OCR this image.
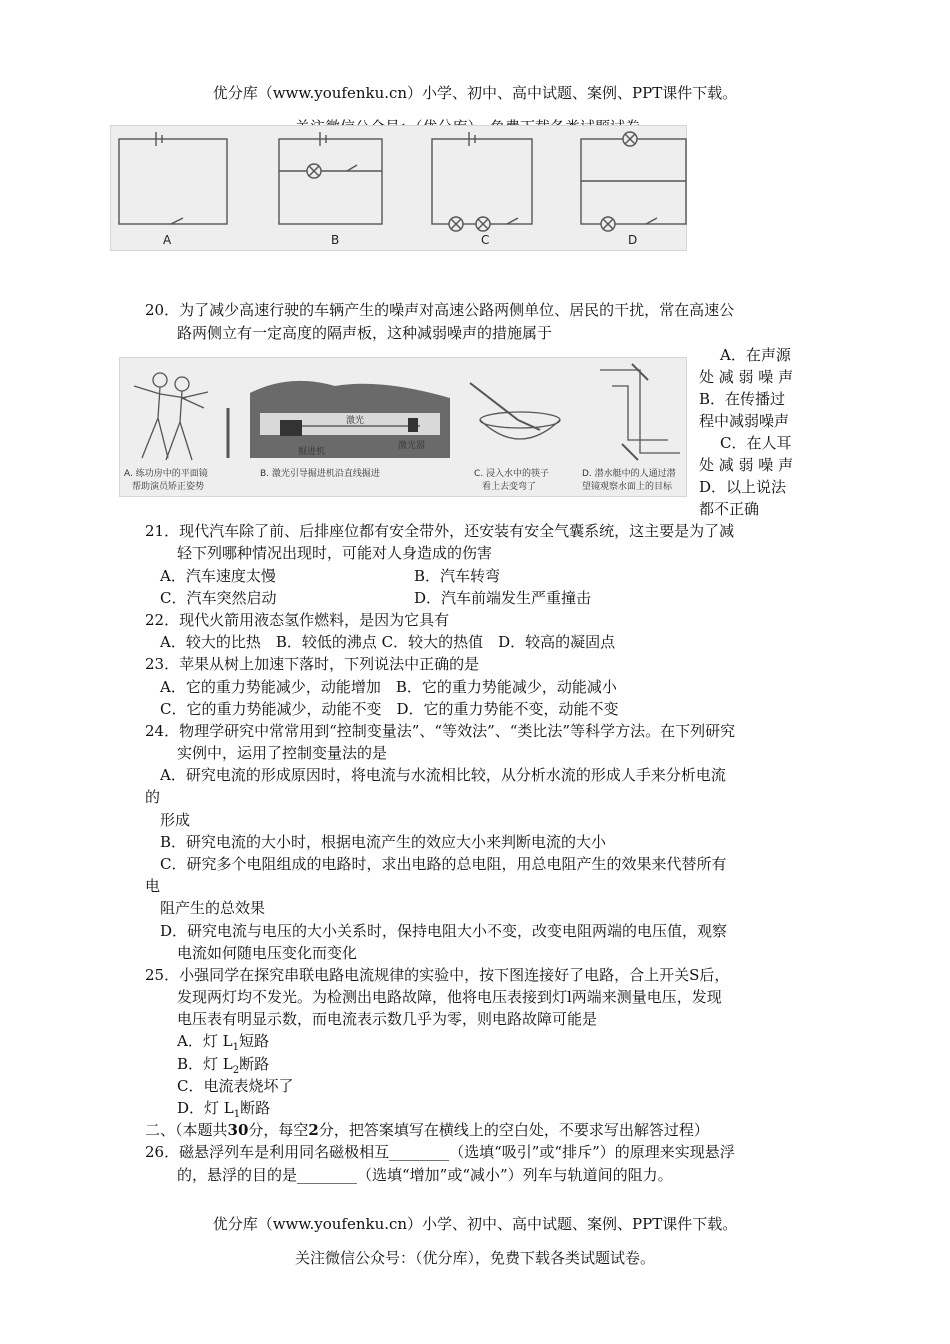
优分库（www.youfenku.cn）小学、初中、高中试题、案例、PPT课件下载。
A	B	C	D
20．为了减少高速行驶的车辆产生的噪声对高速公路两侧单位、居民的干扰，常在高速公
路两侧立有一定高度的隔声板，这种减弱噪声的措施属于
A. 练功房中的平面镜
帮助演员矫正姿势
激光
激光器
掘进机
B. 激光引导掘进机沿直线掘进	C. 浸入水中的筷子
看上去变弯了
D. 潜水艇中的人通过潜
望镜观察水面上的目标
A．在声源
处 减 弱 噪 声
B．在传播过
程中减弱噪声
C．在人耳
处 减 弱 噪 声
D．以上说法
都不正确
21．现代汽车除了前、后排座位都有安全带外，还安装有安全气囊系统，这主要是为了减
轻下列哪种情况出现时，可能对人身造成的伤害
A．汽车速度太慢	B．汽车转弯
C．汽车突然启动	D．汽车前端发生严重撞击
22．现代火箭用液态氢作燃料，是因为它具有
A．较大的比热　B．较低的沸点 C．较大的热值　D．较高的凝固点
23．苹果从树上加速下落时，下列说法中正确的是
A．它的重力势能减少，动能增加　B．它的重力势能减少，动能减小
C．它的重力势能减少，动能不变　D．它的重力势能不变，动能不变
24．物理学研究中常常用到“控制变量法”、“等效法”、“类比法”等科学方法。在下列研究
实例中，运用了控制变量法的是
A．研究电流的形成原因时，将电流与水流相比较，从分析水流的形成人手来分析电流
的
形成
B．研究电流的大小时，根据电流产生的效应大小来判断电流的大小
C．研究多个电阻组成的电路时，求出电路的总电阻，用总电阻产生的效果来代替所有
电
阻产生的总效果
D．研究电流与电压的大小关系时，保持电阻大小不变，改变电阻两端的电压值，观察
电流如何随电压变化而变化
25．小强同学在探究串联电路电流规律的实验中，按下图连接好了电路，合上开关S后，
发现两灯均不发光。为检测出电路故障，他将电压表接到灯l两端来测量电压，发现
电压表有明显示数，而电流表示数几乎为零，则电路故障可能是
A．灯 $L_1$短路
B．灯 $L_2$断路
C．电流表烧坏了
D．灯 $L_1$断路
二、（本题共30分，每空2分，把答案填写在横线上的空白处，不要求写出解答过程）
26．磁悬浮列车是利用同名磁极相互________（选填“吸引”或“排斥”）的原理来实现悬浮
的，悬浮的目的是________（选填“增加”或“减小”）列车与轨道间的阻力。
优分库（www.youfenku.cn）小学、初中、高中试题、案例、PPT课件下载。
关注微信公众号：（优分库），免费下载各类试题试卷。
